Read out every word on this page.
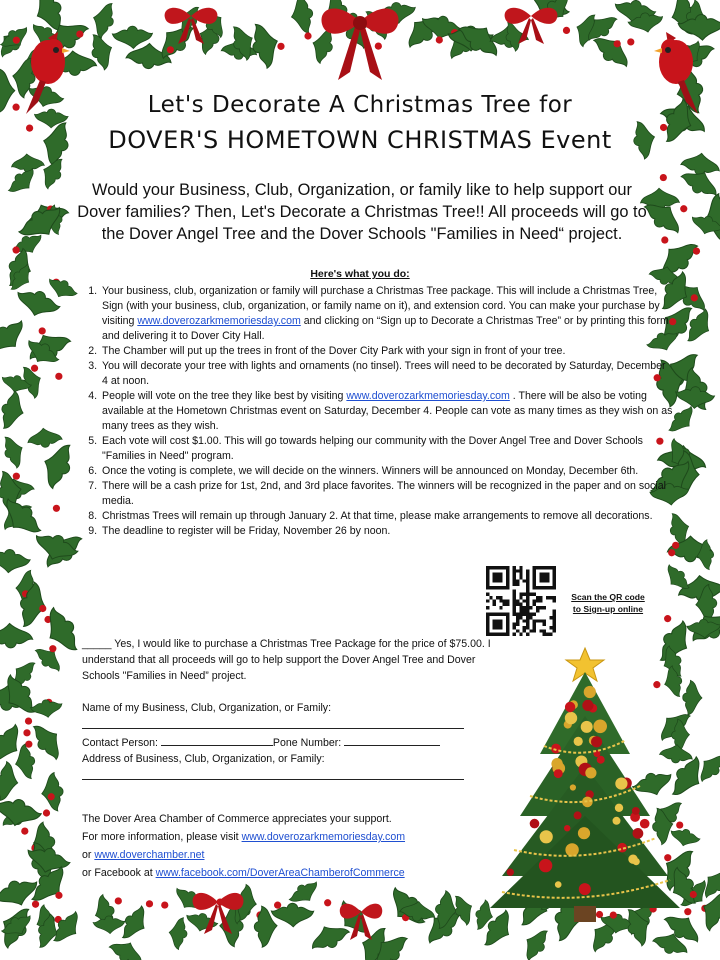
Let's Decorate A Christmas Tree for
DOVER'S HOMETOWN CHRISTMAS Event
Would your Business, Club, Organization, or family like to help support our Dover families? Then, Let's Decorate a Christmas Tree!! All proceeds will go to the Dover Angel Tree and the Dover Schools "Families in Need“ project.
Here's what you do:
1. Your business, club, organization or family will purchase a Christmas Tree package. This will include a Christmas Tree, Sign (with your business, club, organization, or family name on it), and extension cord. You can make your purchase by visiting www.doverozarkmemoriesday.com and clicking on “Sign up to Decorate a Christmas Tree” or by printing this form and delivering it to Dover City Hall.
2. The Chamber will put up the trees in front of the Dover City Park with your sign in front of your tree.
3. You will decorate your tree with lights and ornaments (no tinsel). Trees will need to be decorated by Saturday, December 4 at noon.
4. People will vote on the tree they like best by visiting www.doverozarkmemoriesday.com . There will be also be voting available at the Hometown Christmas event on Saturday, December 4. People can vote as many times as they wish on as many trees as they wish.
5. Each vote will cost $1.00. This will go towards helping our community with the Dover Angel Tree and Dover Schools "Families in Need" program.
6. Once the voting is complete, we will decide on the winners. Winners will be announced on Monday, December 6th.
7. There will be a cash prize for 1st, 2nd, and 3rd place favorites. The winners will be recognized in the paper and on social media.
8. Christmas Trees will remain up through January 2. At that time, please make arrangements to remove all decorations.
9. The deadline to register will be Friday, November 26 by noon.
Scan the QR code to Sign-up online

_____ Yes, I would like to purchase a Christmas Tree Package for the price of $75.00. I understand that all proceeds will go to help support the Dover Angel Tree and Dover Schools "Families in Need” project.

Name of my Business, Club, Organization, or Family:

Contact Person:	Pone Number:

Address of Business, Club, Organization, or Family:

The Dover Area Chamber of Commerce appreciates your support.

For more information, please visit www.doverozarkmemoriesday.com

or www.doverchamber.net

or Facebook at www.facebook.com/DoverAreaChamberofCommerce
